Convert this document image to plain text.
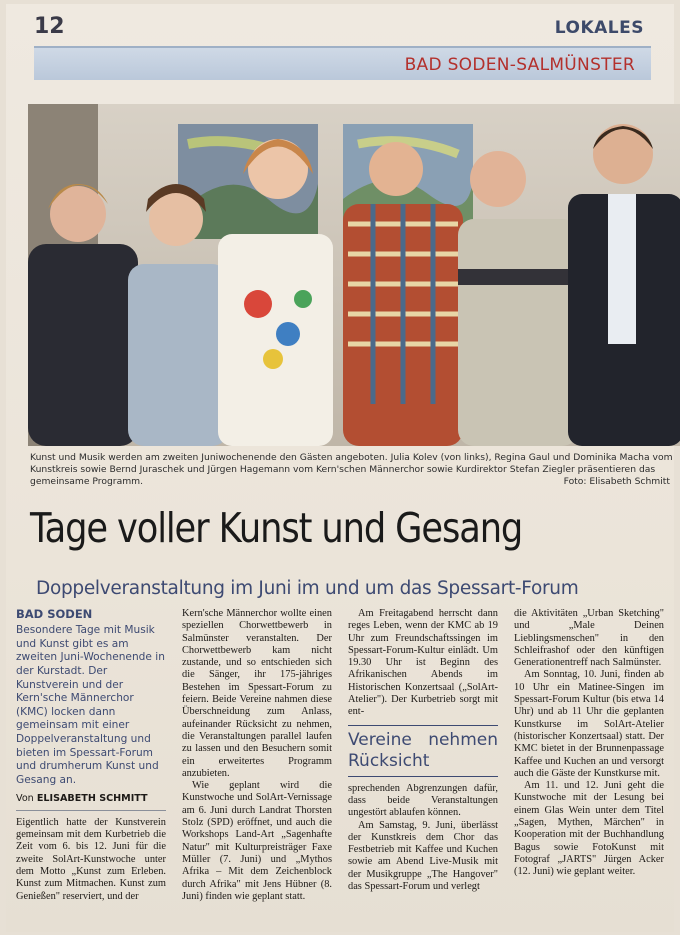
12	LOKALES
BAD SODEN-SALMÜNSTER
Kunst und Musik werden am zweiten Juniwochenende den Gästen angeboten. Julia Kolev (von links), Regina Gaul und Dominika Macha vom Kunstkreis sowie Bernd Juraschek und Jürgen Hagemann vom Kern'schen Männerchor sowie Kurdirektor Stefan Ziegler präsentieren das gemeinsame Programm.	Foto: Elisabeth Schmitt
Tage voller Kunst und Gesang
Doppelveranstaltung im Juni im und um das Spessart-Forum
BAD SODEN

Besondere Tage mit Musik und Kunst gibt es am zweiten Juni-Wochenende in der Kurstadt. Der Kunstverein und der Kern'sche Männerchor (KMC) locken dann gemeinsam mit einer Doppelveranstaltung und bieten im Spessart-Forum und drumherum Kunst und Gesang an.

Von ELISABETH SCHMITT

Eigentlich hatte der Kunstverein gemeinsam mit dem Kurbetrieb die Zeit vom 6. bis 12. Juni für die zweite SolArt-Kunstwoche unter dem Motto „Kunst zum Erleben. Kunst zum Mitmachen. Kunst zum Genießen" reserviert, und der

Kern'sche Männerchor wollte einen speziellen Chorwettbewerb in Salmünster veranstalten. Der Chorwettbewerb kam nicht zustande, und so entschieden sich die Sänger, ihr 175-jähriges Bestehen im Spessart-Forum zu feiern. Beide Vereine nahmen diese Überschneidung zum Anlass, aufeinander Rücksicht zu nehmen, die Veranstaltungen parallel laufen zu lassen und den Besuchern somit ein erweitertes Programm anzubieten.

Wie geplant wird die Kunstwoche und SolArt-Vernissage am 6. Juni durch Landrat Thorsten Stolz (SPD) eröffnet, und auch die Workshops Land-Art „Sagenhafte Natur" mit Kulturpreisträger Faxe Müller (7. Juni) und „Mythos Afrika – Mit dem Zeichenblock durch Afrika" mit Jens Hübner (8. Juni) finden wie geplant statt.

Am Freitagabend herrscht dann reges Leben, wenn der KMC ab 19 Uhr zum Freundschaftssingen im Spessart-Forum-Kultur einlädt. Um 19.30 Uhr ist Beginn des Afrikanischen Abends im Historischen Konzertsaal („SolArt-Atelier"). Der Kurbetrieb sorgt mit ent-

Vereine nehmen Rücksicht

sprechenden Abgrenzungen dafür, dass beide Veranstaltungen ungestört ablaufen können.

Am Samstag, 9. Juni, überlässt der Kunstkreis dem Chor das Festbetrieb mit Kaffee und Kuchen sowie am Abend Live-Musik mit der Musikgruppe „The Hangover" das Spessart-Forum und verlegt

die Aktivitäten „Urban Sketching" und „Male Deinen Lieblingsmenschen" in den Schleifrashof oder den künftigen Generationentreff nach Salmünster.

Am Sonntag, 10. Juni, finden ab 10 Uhr ein Matinee-Singen im Spessart-Forum Kultur (bis etwa 14 Uhr) und ab 11 Uhr die geplanten Kunstkurse im SolArt-Atelier (historischer Konzertsaal) statt. Der KMC bietet in der Brunnenpassage Kaffee und Kuchen an und versorgt auch die Gäste der Kunstkurse mit.

Am 11. und 12. Juni geht die Kunstwoche mit der Lesung bei einem Glas Wein unter dem Titel „Sagen, Mythen, Märchen" in Kooperation mit der Buchhandlung Bagus sowie FotoKunst mit Fotograf „JARTS" Jürgen Acker (12. Juni) wie geplant weiter.
